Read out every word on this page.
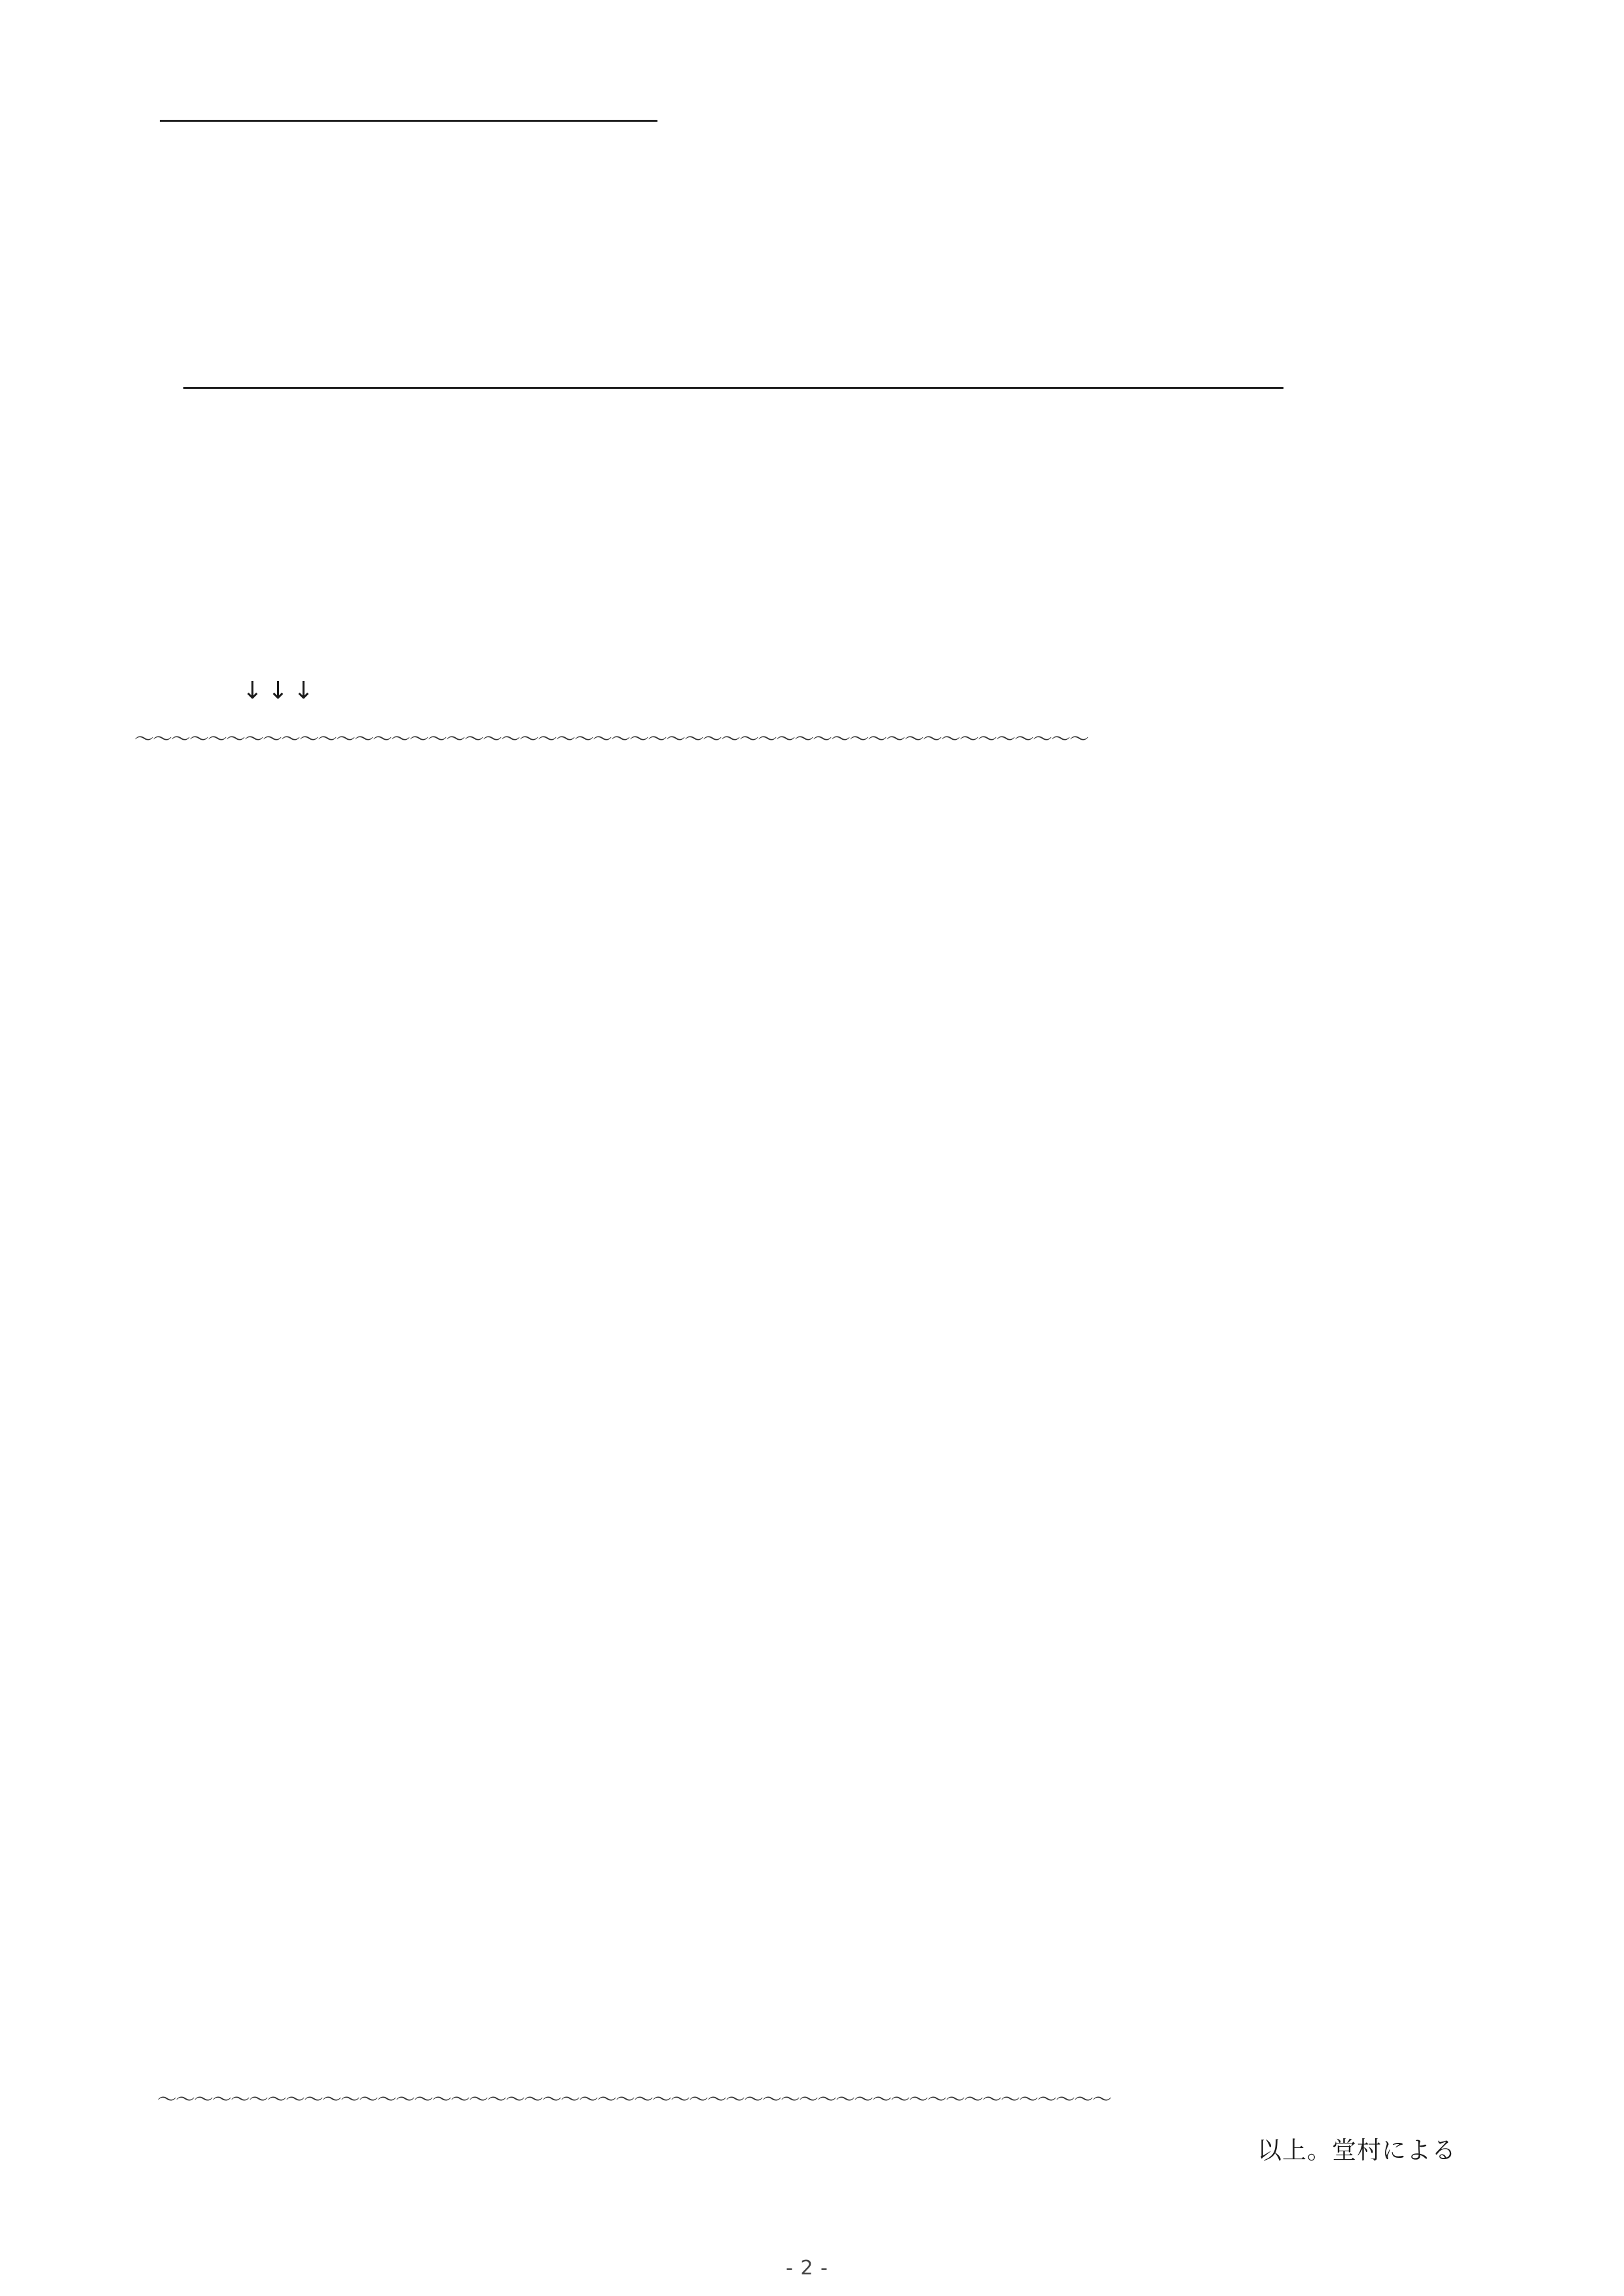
↓↓↓

～～～～～～～～～～～～～～～～～～～～～～～～～～～～～～～～～～～～～～～～～～～～～～～～～～～～

～～～～～～～～～～～～～～～～～～～～～～～～～～～～～～～～～～～～～～～～～～～～～～～～～～～～

以上。堂村による

- 2 -
